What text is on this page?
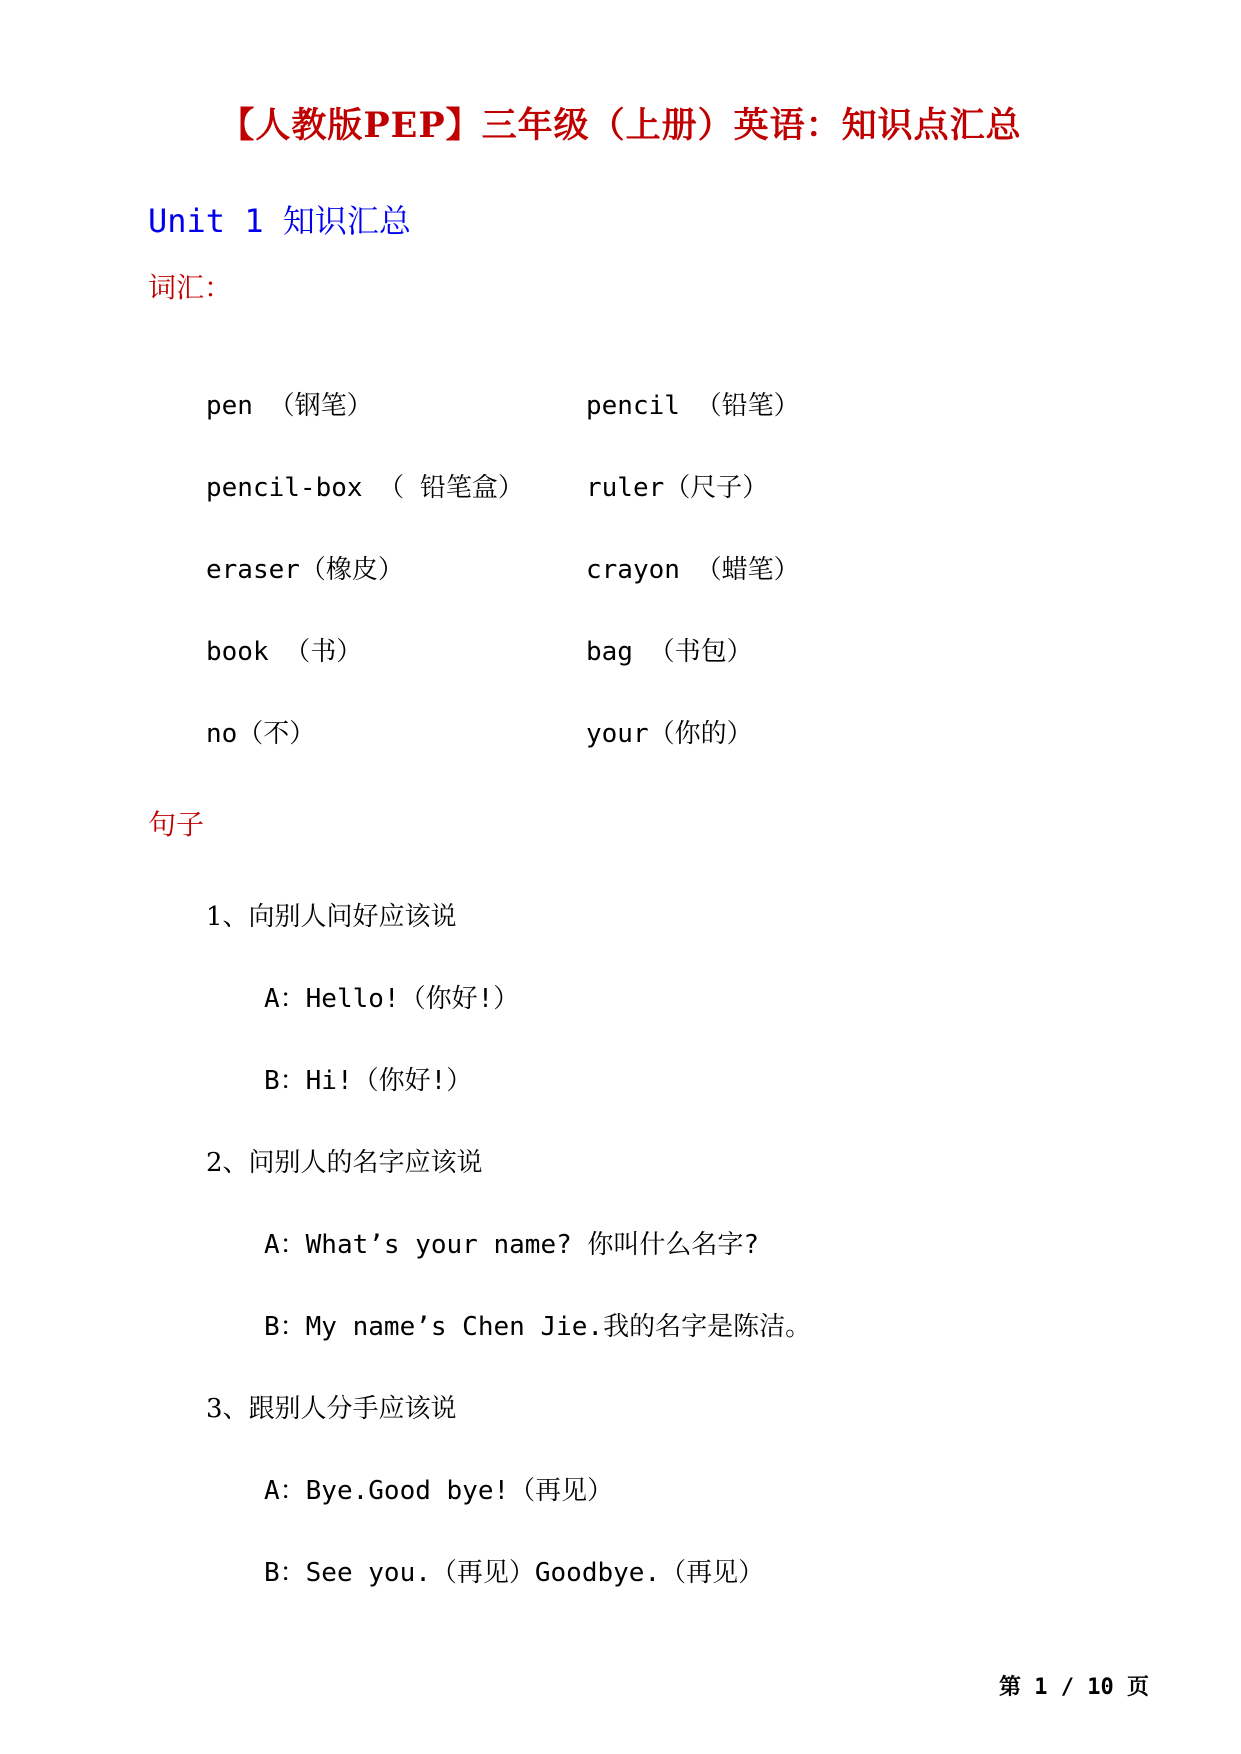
【人教版PEP】三年级（上册）英语：知识点汇总
Unit 1 知识汇总
词汇：
pen （钢笔）	pencil （铅笔）
pencil-box （ 铅笔盒） ruler（尺子）
eraser（橡皮）	crayon （蜡笔）
book （书）	bag （书包）
no（不）	your（你的）
句子
1、向别人问好应该说
A：Hello!（你好!）
B：Hi!（你好!）
2、问别人的名字应该说
A：What’s your name? 你叫什么名字?
B：My name’s Chen Jie.我的名字是陈洁。
3、跟别人分手应该说
A：Bye.Good bye!（再见）
B：See you.（再见）Goodbye.（再见）
第 1 / 10 页
